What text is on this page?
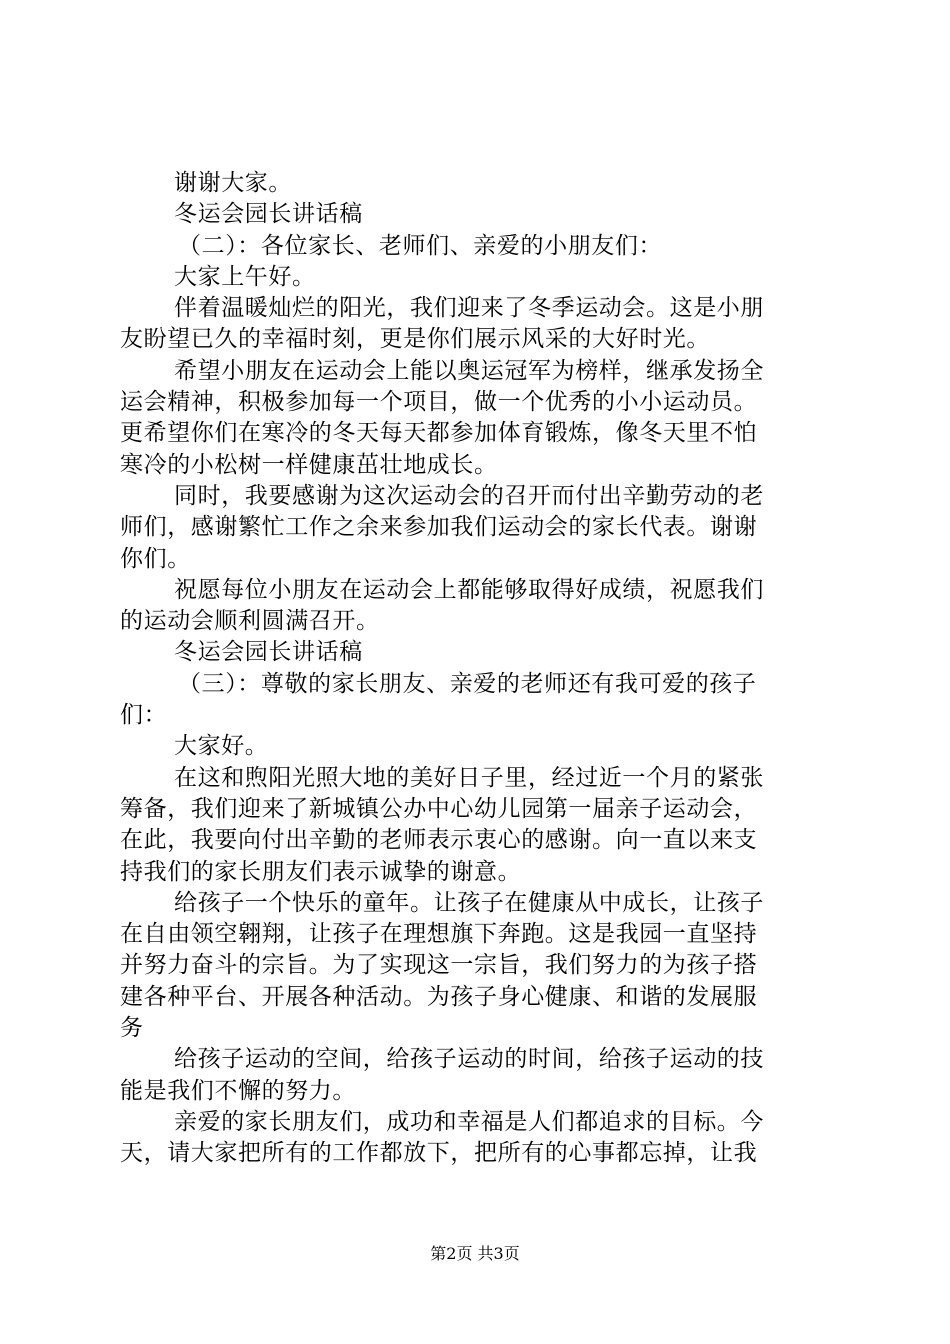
谢谢大家。
冬运会园长讲话稿
（二）：各位家长、老师们、亲爱的小朋友们：
大家上午好。
伴着温暖灿烂的阳光，我们迎来了冬季运动会。这是小朋
友盼望已久的幸福时刻，更是你们展示风采的大好时光。
希望小朋友在运动会上能以奥运冠军为榜样，继承发扬全
运会精神，积极参加每一个项目，做一个优秀的小小运动员。
更希望你们在寒冷的冬天每天都参加体育锻炼，像冬天里不怕
寒冷的小松树一样健康茁壮地成长。
同时，我要感谢为这次运动会的召开而付出辛勤劳动的老
师们，感谢繁忙工作之余来参加我们运动会的家长代表。谢谢
你们。
祝愿每位小朋友在运动会上都能够取得好成绩，祝愿我们
的运动会顺利圆满召开。
冬运会园长讲话稿
（三）：尊敬的家长朋友、亲爱的老师还有我可爱的孩子
们：
大家好。
在这和煦阳光照大地的美好日子里，经过近一个月的紧张
筹备，我们迎来了新城镇公办中心幼儿园第一届亲子运动会，
在此，我要向付出辛勤的老师表示衷心的感谢。向一直以来支
持我们的家长朋友们表示诚挚的谢意。
给孩子一个快乐的童年。让孩子在健康从中成长，让孩子
在自由领空翱翔，让孩子在理想旗下奔跑。这是我园一直坚持
并努力奋斗的宗旨。为了实现这一宗旨，我们努力的为孩子搭
建各种平台、开展各种活动。为孩子身心健康、和谐的发展服
务
给孩子运动的空间，给孩子运动的时间，给孩子运动的技
能是我们不懈的努力。
亲爱的家长朋友们，成功和幸福是人们都追求的目标。今
天，请大家把所有的工作都放下，把所有的心事都忘掉，让我
第2页 共3页
